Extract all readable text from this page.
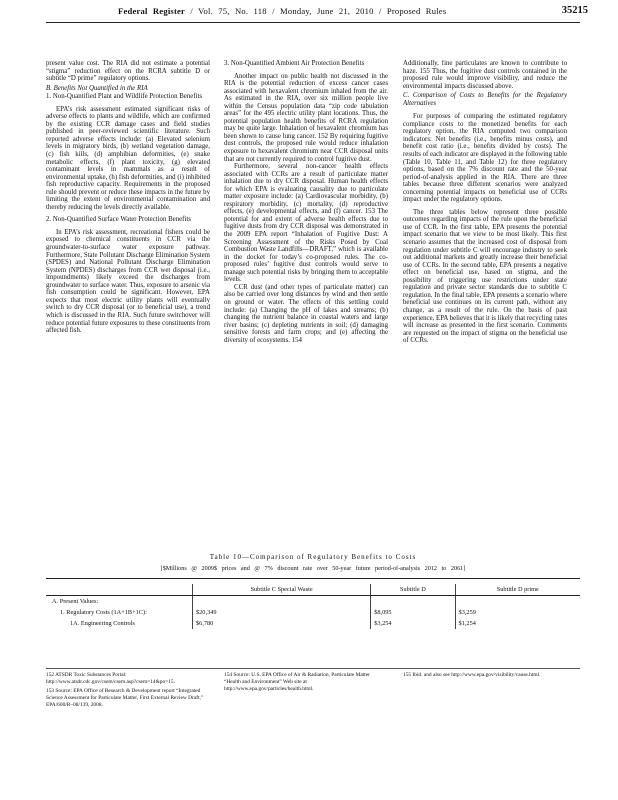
Federal Register / Vol. 75, No. 118 / Monday, June 21, 2010 / Proposed Rules	35215

present value cost. The RIA did not estimate a potential “stigma” reduction effect on the RCRA subtitle D or subtitle “D prime” regulatory options.

B. Benefits Not Quantified in the RIA

1. Non-Quantified Plant and Wildlife Protection Benefits

EPA’s risk assessment estimated significant risks of adverse effects to plants and wildlife, which are confirmed by the existing CCR damage cases and field studies published in peer-reviewed scientific literature. Such reported adverse effects include: (a) Elevated selenium levels in migratory birds, (b) wetland vegetation damage, (c) fish kills, (d) amphibian deformities, (e) snake metabolic effects, (f) plant toxicity, (g) elevated contaminant levels in mammals as a result of environmental uptake, (h) fish deformities, and (i) inhibited fish reproductive capacity. Requirements in the proposed rule should prevent or reduce these impacts in the future by limiting the extent of environmental contamination and thereby reducing the levels directly available.

2. Non-Quantified Surface Water Protection Benefits

In EPA’s risk assessment, recreational fishers could be exposed to chemical constituents in CCR via the groundwater-to-surface water exposure pathway. Furthermore, State Pollutant Discharge Elimination System (SPDES) and National Pollutant Discharge Elimination System (NPDES) discharges from CCR wet disposal (i.e., impoundments) likely exceed the discharges from groundwater to surface water. Thus, exposure to arsenic via fish consumption could be significant. However, EPA expects that most electric utility plants will eventually switch to dry CCR disposal (or to beneficial use), a trend which is discussed in the RIA. Such future switchover will reduce potential future exposures to these constituents from affected fish.

3. Non-Quantified Ambient Air Protection Benefits

Another impact on public health not discussed in the RIA is the potential reduction of excess cancer cases associated with hexavalent chromium inhaled from the air. As estimated in the RIA, over six million people live within the Census population data “zip code tabulation areas” for the 495 electric utility plant locations. Thus, the potential population health benefits of RCRA regulation may be quite large. Inhalation of hexavalent chromium has been shown to cause lung cancer. 152 By requiring fugitive dust controls, the proposed rule would reduce inhalation exposure to hexavalent chromium near CCR disposal units that are not currently required to control fugitive dust.

Furthermore, several non-cancer health effects associated with CCRs are a result of particulate matter inhalation due to dry CCR disposal. Human health effects for which EPA is evaluating causality due to particulate matter exposure include: (a) Cardiovascular morbidity, (b) respiratory morbidity, (c) mortality, (d) reproductive effects, (e) developmental effects, and (f) cancer. 153 The potential for and extent of adverse health effects due to fugitive dusts from dry CCR disposal was demonstrated in the 2009 EPA report “Inhalation of Fugitive Dust: A Screening Assessment of the Risks Posed by Coal Combustion Waste Landfills—DRAFT,” which is available in the docket for today’s co-proposed rules. The co-proposed rules’ fugitive dust controls would serve to manage such potential risks by bringing them to acceptable levels.

CCR dust (and other types of particulate matter) can also be carried over long distances by wind and then settle on ground or water. The effects of this settling could include: (a) Changing the pH of lakes and streams; (b) changing the nutrient balance in coastal waters and large river basins; (c) depleting nutrients in soil; (d) damaging sensitive forests and farm crops; and (e) affecting the diversity of ecosystems. 154

Additionally, fine particulates are known to contribute to haze. 155 Thus, the fugitive dust controls contained in the proposed rule would improve visibility, and reduce the environmental impacts discussed above.

C. Comparison of Costs to Benefits for the Regulatory Alternatives

For purposes of comparing the estimated regulatory compliance costs to the monetized benefits for each regulatory option, the RIA computed two comparison indicators: Net benefits (i.e., benefits minus costs), and benefit cost ratio (i.e., benefits divided by costs). The results of each indicator are displayed in the following table (Table 10, Table 11, and Table 12) for three regulatory options, based on the 7% discount rate and the 50-year period-of-analysis applied in the RIA. There are three tables because three different scenarios were analyzed concerning potential impacts on beneficial use of CCRs impact under the regulatory options.

The three tables below represent three possible outcomes regarding impacts of the rule upon the beneficial use of CCR. In the first table, EPA presents the potential impact scenario that we view to be most likely. This first scenario assumes that the increased cost of disposal from regulation under subtitle C will encourage industry to seek out additional markets and greatly increase their beneficial use of CCRs. In the second table, EPA presents a negative effect on beneficial use, based on stigma, and the possibility of triggering use restrictions under state regulation and private sector standards due to subtitle C regulation. In the final table, EPA presents a scenario where beneficial use continues on its current path, without any change, as a result of the rule. On the basis of past experience, EPA believes that it is likely that recycling rates will increase as presented in the first scenario. Comments are requested on the impact of stigma on the beneficial use of CCRs.

Table 10—Comparison of Regulatory Benefits to Costs
[$Millions @ 2009$ prices and @ 7% discount rate over 50-year future period-of-analysis 2012 to 2061]
	Subtitle C Special Waste	Subtitle D	Subtitle D prime
A. Present Values:			
1. Regulatory Costs (1A+1B+1C):	$20,349	$8,095	$3,259
1A. Engineering Controls	$6,780	$3,254	$1,254

152 ATSDR Toxic Substances Portal: http://www.atsdr.cdc.gov/csem/csem.asp?csem=14&po=15.

153 Source: EPA Office of Research & Development report “Integrated Science Assessment for Particulate Matter, First External Review Draft,” EPA/600/R–08/139, 2008.

154 Source: U.S. EPA Office of Air & Radiation, Particulate Matter “Health and Environment” Web site at http://www.epa.gov/particles/health.html.

155 Ibid. and also see http://www.epa.gov/visibility/cause.html.
